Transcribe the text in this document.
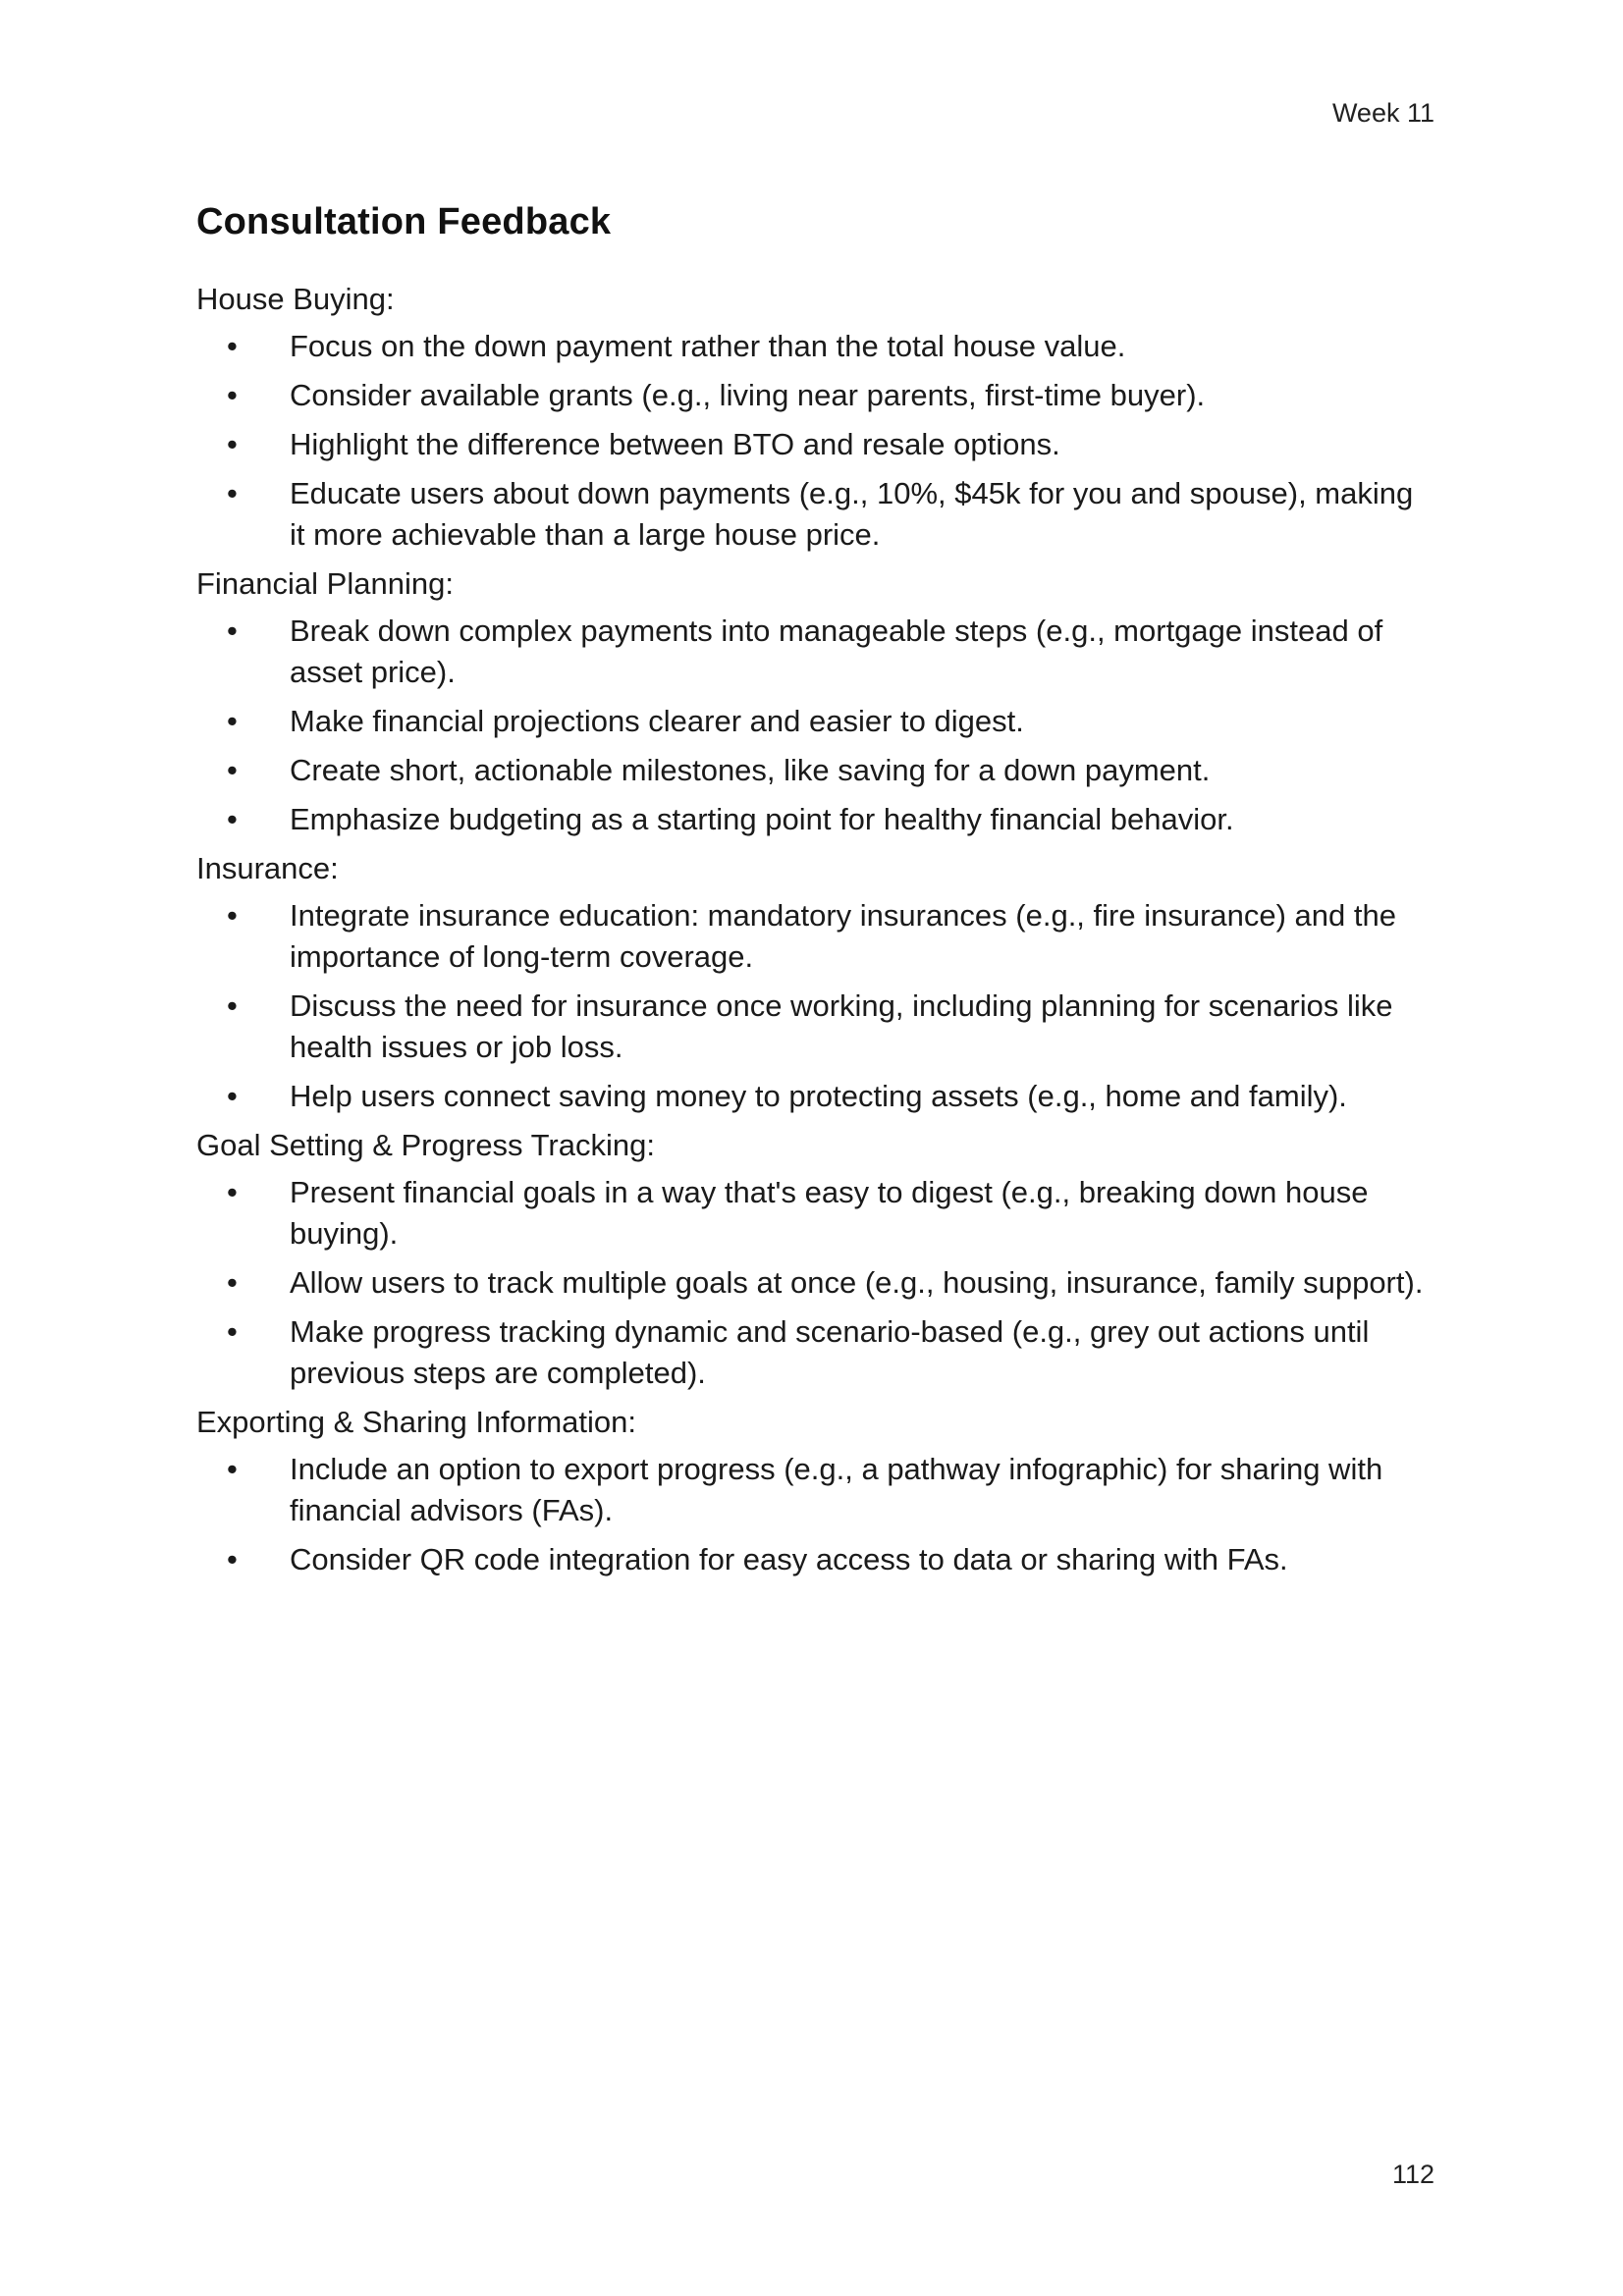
Week 11
Consultation Feedback
House Buying:
• Focus on the down payment rather than the total house value.
• Consider available grants (e.g., living near parents, first-time buyer).
• Highlight the difference between BTO and resale options.
• Educate users about down payments (e.g., 10%, $45k for you and spouse), making it more achievable than a large house price.
Financial Planning:
• Break down complex payments into manageable steps (e.g., mortgage instead of asset price).
• Make financial projections clearer and easier to digest.
• Create short, actionable milestones, like saving for a down payment.
• Emphasize budgeting as a starting point for healthy financial behavior.
Insurance:
• Integrate insurance education: mandatory insurances (e.g., fire insurance) and the importance of long-term coverage.
• Discuss the need for insurance once working, including planning for scenarios like health issues or job loss.
• Help users connect saving money to protecting assets (e.g., home and family).
Goal Setting & Progress Tracking:
• Present financial goals in a way that's easy to digest (e.g., breaking down house buying).
• Allow users to track multiple goals at once (e.g., housing, insurance, family support).
• Make progress tracking dynamic and scenario-based (e.g., grey out actions until previous steps are completed).
Exporting & Sharing Information:
• Include an option to export progress (e.g., a pathway infographic) for sharing with financial advisors (FAs).
• Consider QR code integration for easy access to data or sharing with FAs.
112
